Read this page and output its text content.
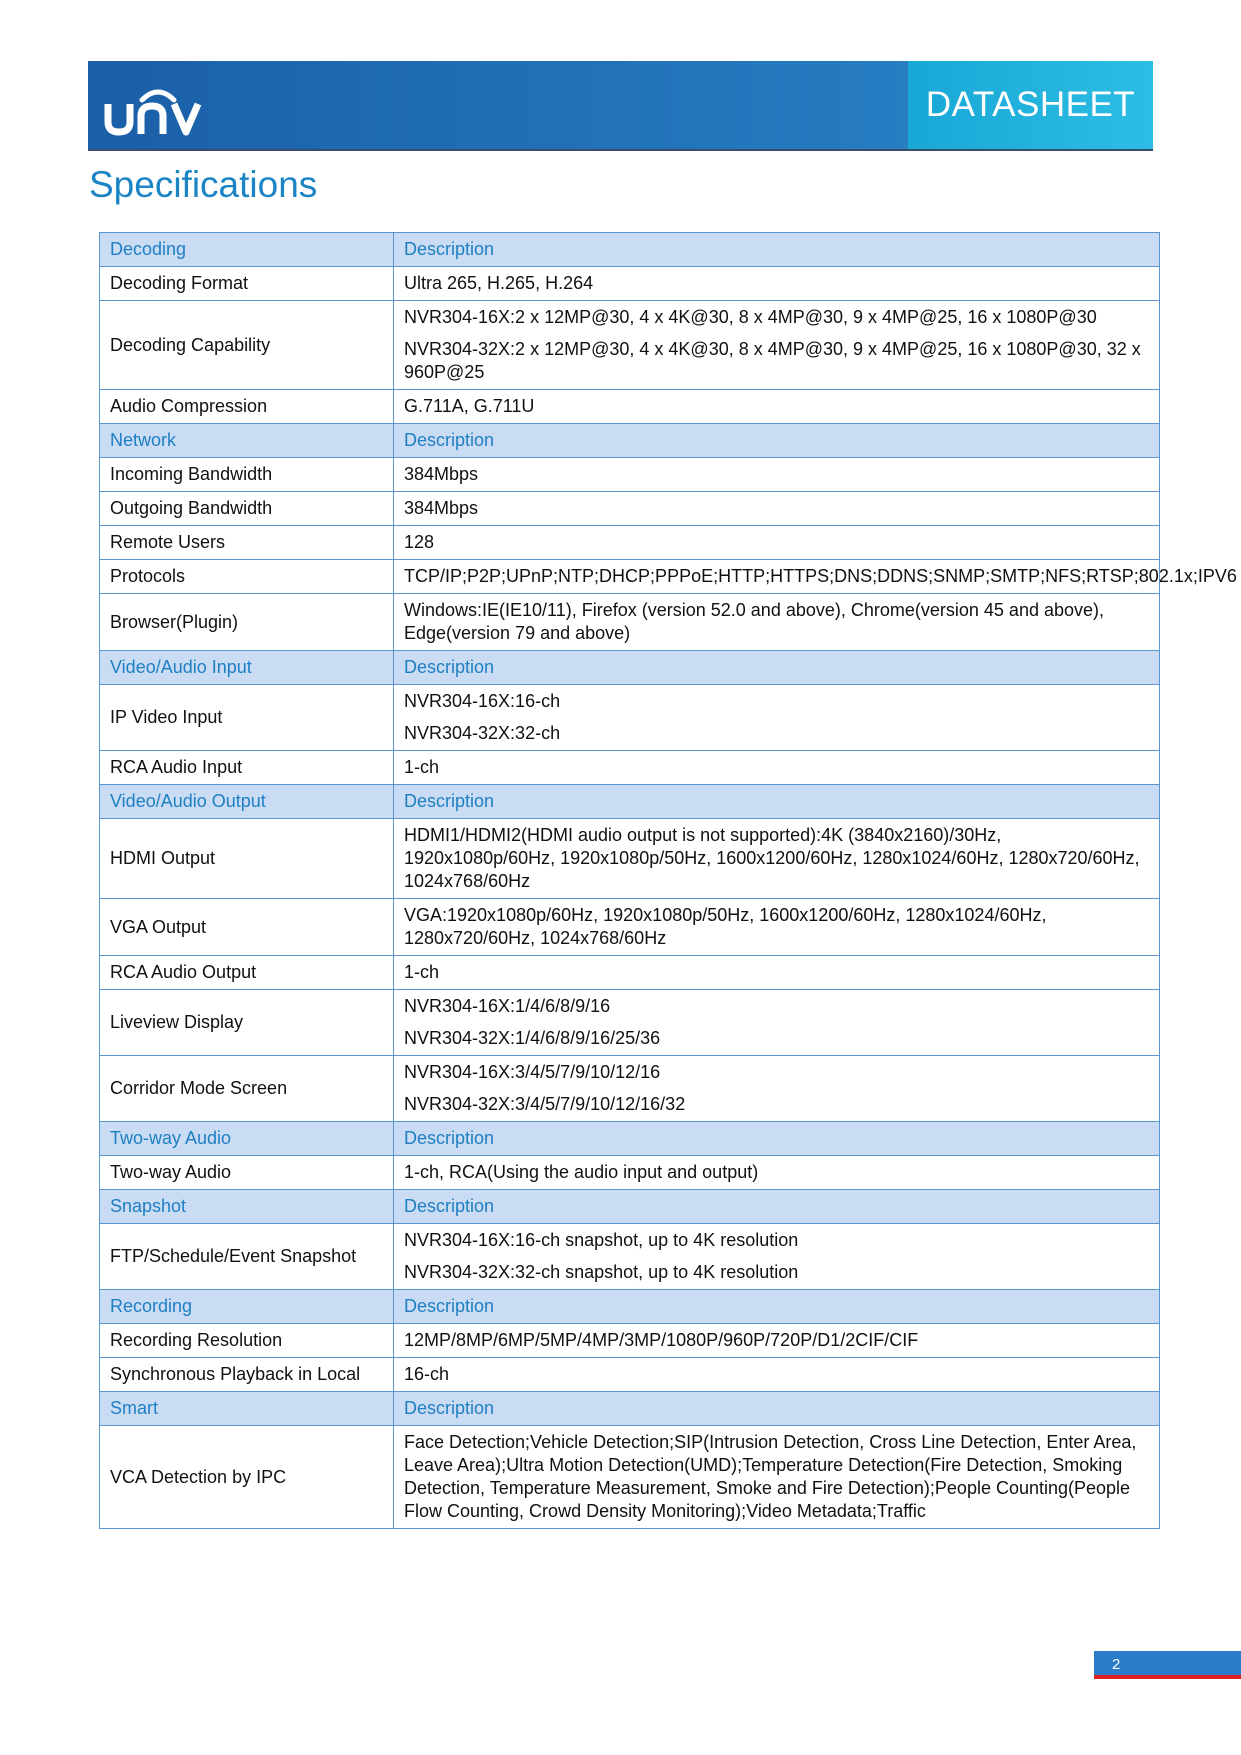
DATASHEET
Specifications
Decoding	Description
Decoding Format	Ultra 265, H.265, H.264

Decoding Capability	NVR304-16X:2 x 12MP@30, 4 x 4K@30, 8 x 4MP@30, 9 x 4MP@25, 16 x 1080P@30
NVR304-32X:2 x 12MP@30, 4 x 4K@30, 8 x 4MP@30, 9 x 4MP@25, 16 x 1080P@30, 32 x 960P@25

Audio Compression	G.711A, G.711U

Network	Description
Incoming Bandwidth	384Mbps

Outgoing Bandwidth	384Mbps

Remote Users	128

Protocols	TCP/IP;P2P;UPnP;NTP;DHCP;PPPoE;HTTP;HTTPS;DNS;DDNS;SNMP;SMTP;NFS;RTSP;802.1x;IPV6

Browser(Plugin)	Windows:IE(IE10/11), Firefox (version 52.0 and above), Chrome(version 45 and above), Edge(version 79 and above)

Video/Audio Input	Description
IP Video Input	NVR304-16X:16-ch
NVR304-32X:32-ch

RCA Audio Input	1-ch

Video/Audio Output	Description
HDMI Output	HDMI1/HDMI2(HDMI audio output is not supported):4K (3840x2160)/30Hz, 1920x1080p/60Hz, 1920x1080p/50Hz, 1600x1200/60Hz, 1280x1024/60Hz, 1280x720/60Hz, 1024x768/60Hz

VGA Output	VGA:1920x1080p/60Hz, 1920x1080p/50Hz, 1600x1200/60Hz, 1280x1024/60Hz, 1280x720/60Hz, 1024x768/60Hz

RCA Audio Output	1-ch

Liveview Display	NVR304-16X:1/4/6/8/9/16
NVR304-32X:1/4/6/8/9/16/25/36

Corridor Mode Screen	NVR304-16X:3/4/5/7/9/10/12/16
NVR304-32X:3/4/5/7/9/10/12/16/32

Two-way Audio	Description
Two-way Audio	1-ch, RCA(Using the audio input and output)

Snapshot	Description
FTP/Schedule/Event Snapshot	NVR304-16X:16-ch snapshot, up to 4K resolution
NVR304-32X:32-ch snapshot, up to 4K resolution

Recording	Description
Recording Resolution	12MP/8MP/6MP/5MP/4MP/3MP/1080P/960P/720P/D1/2CIF/CIF

Synchronous Playback in Local	16-ch

Smart	Description
VCA Detection by IPC	Face Detection;Vehicle Detection;SIP(Intrusion Detection, Cross Line Detection, Enter Area, Leave Area);Ultra Motion Detection(UMD);Temperature Detection(Fire Detection, Smoking Detection, Temperature Measurement, Smoke and Fire Detection);People Counting(People Flow Counting, Crowd Density Monitoring);Video Metadata;Traffic
2
